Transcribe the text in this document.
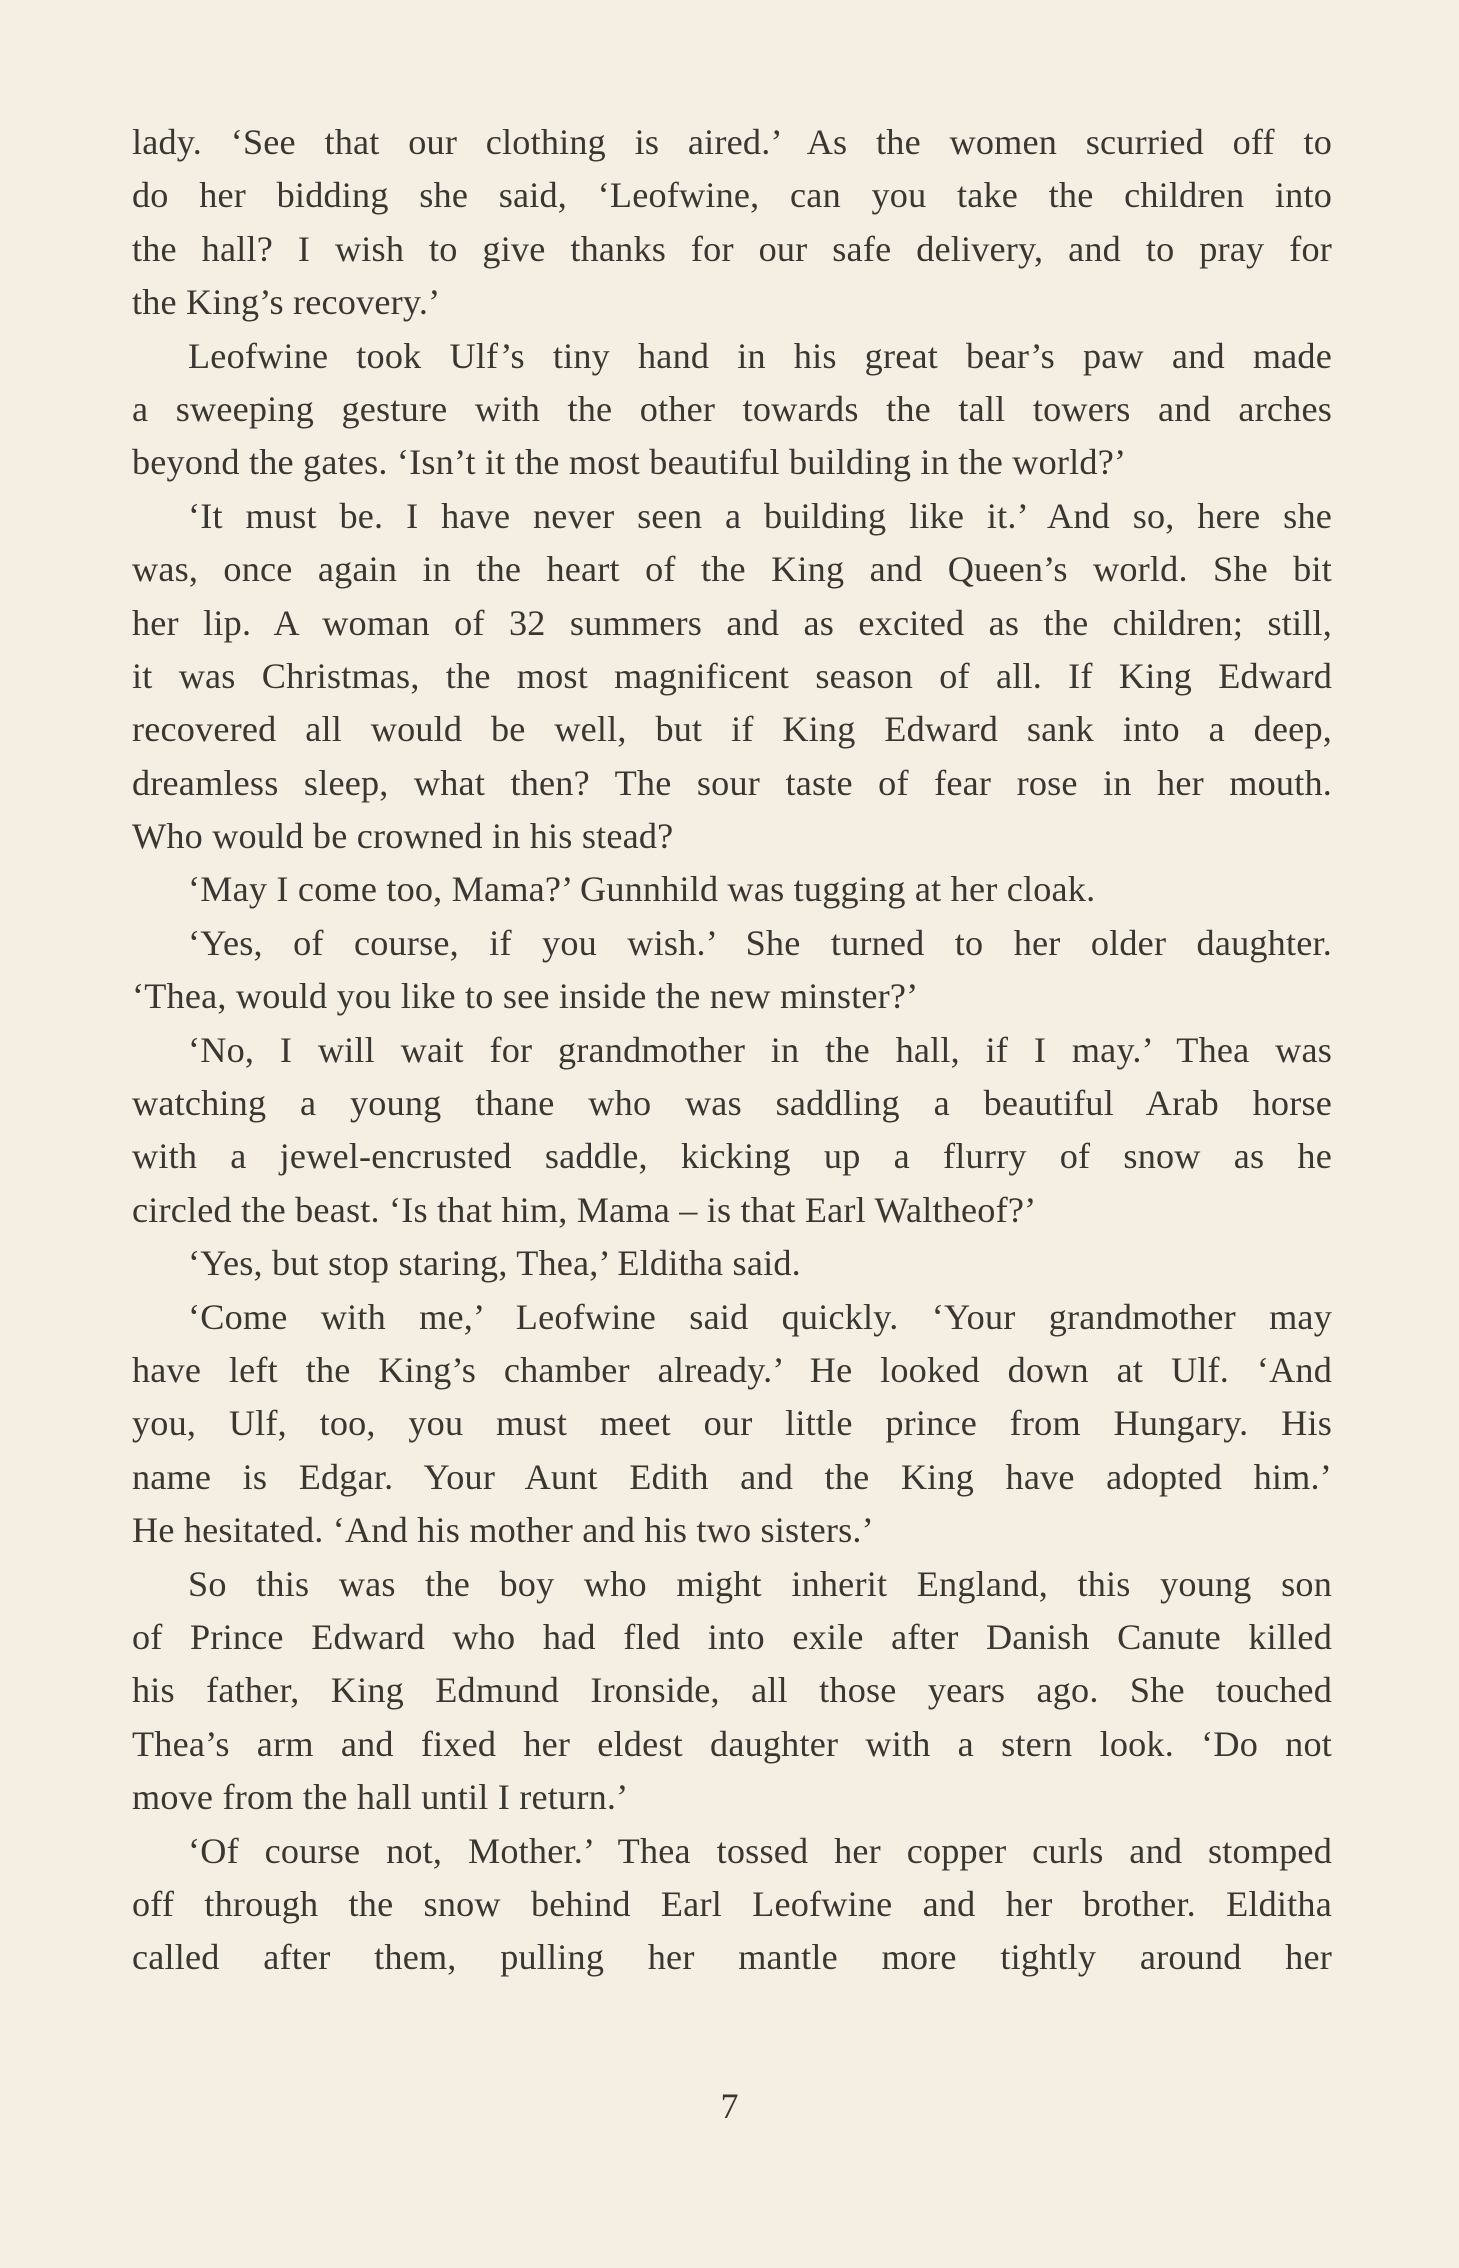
lady. ‘See that our clothing is aired.’ As the women scurried off to
do her bidding she said, ‘Leofwine, can you take the children into
the hall? I wish to give thanks for our safe delivery, and to pray for
the King’s recovery.’
Leofwine took Ulf’s tiny hand in his great bear’s paw and made
a sweeping gesture with the other towards the tall towers and arches
beyond the gates. ‘Isn’t it the most beautiful building in the world?’
‘It must be. I have never seen a building like it.’ And so, here she
was, once again in the heart of the King and Queen’s world. She bit
her lip. A woman of 32 summers and as excited as the children; still,
it was Christmas, the most magnificent season of all. If King Edward
recovered all would be well, but if King Edward sank into a deep,
dreamless sleep, what then? The sour taste of fear rose in her mouth.
Who would be crowned in his stead?
‘May I come too, Mama?’ Gunnhild was tugging at her cloak.
‘Yes, of course, if you wish.’ She turned to her older daughter.
‘Thea, would you like to see inside the new minster?’
‘No, I will wait for grandmother in the hall, if I may.’ Thea was
watching a young thane who was saddling a beautiful Arab horse
with a jewel-encrusted saddle, kicking up a flurry of snow as he
circled the beast. ‘Is that him, Mama – is that Earl Waltheof?’
‘Yes, but stop staring, Thea,’ Elditha said.
‘Come with me,’ Leofwine said quickly. ‘Your grandmother may
have left the King’s chamber already.’ He looked down at Ulf. ‘And
you, Ulf, too, you must meet our little prince from Hungary. His
name is Edgar. Your Aunt Edith and the King have adopted him.’
He hesitated. ‘And his mother and his two sisters.’
So this was the boy who might inherit England, this young son
of Prince Edward who had fled into exile after Danish Canute killed
his father, King Edmund Ironside, all those years ago. She touched
Thea’s arm and fixed her eldest daughter with a stern look. ‘Do not
move from the hall until I return.’
‘Of course not, Mother.’ Thea tossed her copper curls and stomped
off through the snow behind Earl Leofwine and her brother. Elditha
called after them, pulling her mantle more tightly around her
7
